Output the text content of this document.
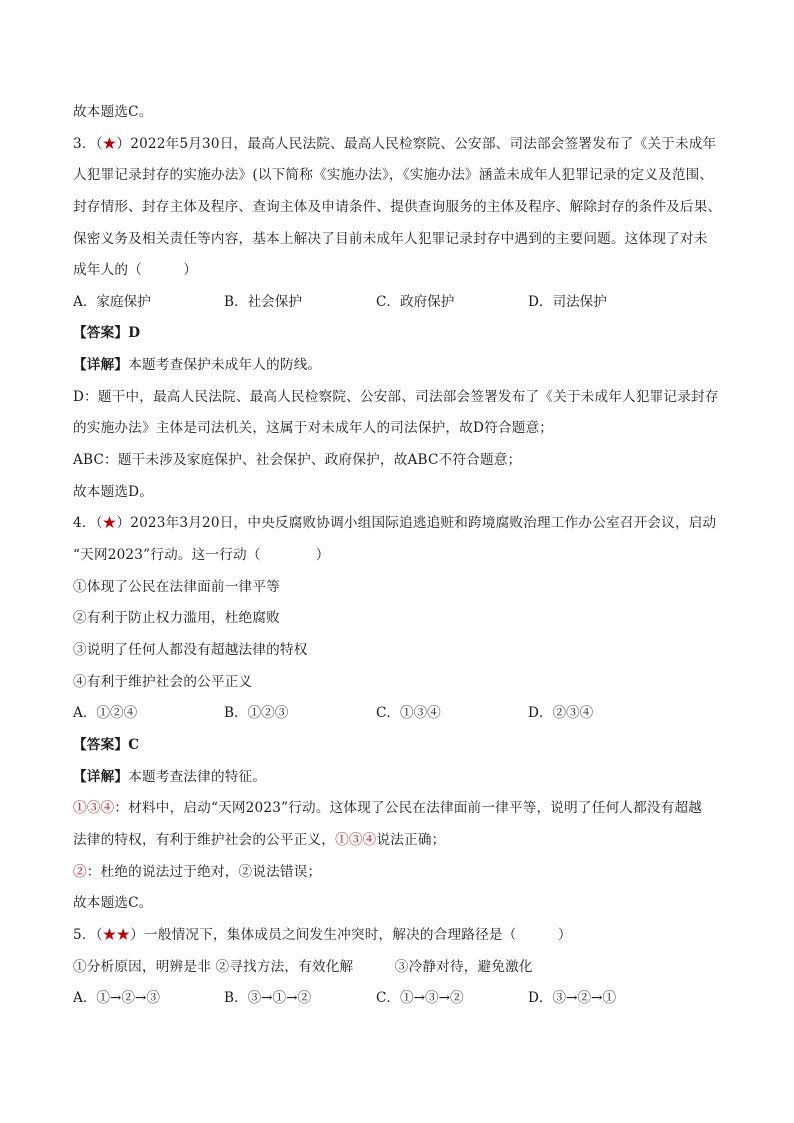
故本题选C。
3．（★）2022年5月30日，最高人民法院、最高人民检察院、公安部、司法部会签署发布了《关于未成年
人犯罪记录封存的实施办法》(以下简称《实施办法》，《实施办法》涵盖未成年人犯罪记录的定义及范围、
封存情形、封存主体及程序、查询主体及申请条件、提供查询服务的主体及程序、解除封存的条件及后果、
保密义务及相关责任等内容，基本上解决了目前未成年人犯罪记录封存中遇到的主要问题。这体现了对未
成年人的（　　　）
A．家庭保护	B．社会保护	C．政府保护	D．司法保护
【答案】D
【详解】本题考查保护未成年人的防线。
D：题干中，最高人民法院、最高人民检察院、公安部、司法部会签署发布了《关于未成年人犯罪记录封存
的实施办法》主体是司法机关，这属于对未成年人的司法保护，故D符合题意；
ABC：题干未涉及家庭保护、社会保护、政府保护，故ABC不符合题意；
故本题选D。
4．（★）2023年3月20日，中央反腐败协调小组国际追逃追赃和跨境腐败治理工作办公室召开会议，启动
“天网2023”行动。这一行动（　　　　）
①体现了公民在法律面前一律平等
②有利于防止权力滥用，杜绝腐败
③说明了任何人都没有超越法律的特权
④有利于维护社会的公平正义
A．①②④	B．①②③	C．①③④	D．②③④
【答案】C
【详解】本题考查法律的特征。
①③④：材料中，启动“天网2023”行动。这体现了公民在法律面前一律平等，说明了任何人都没有超越
法律的特权，有利于维护社会的公平正义，①③④说法正确；
②：杜绝的说法过于绝对，②说法错误；
故本题选C。
5．（★★）一般情况下，集体成员之间发生冲突时，解决的合理路径是（　　　）
①分析原因，明辨是非 ②寻找方法，有效化解　　　③冷静对待，避免激化
A．①→②→③	B．③→①→②	C．①→③→②	D．③→②→①
